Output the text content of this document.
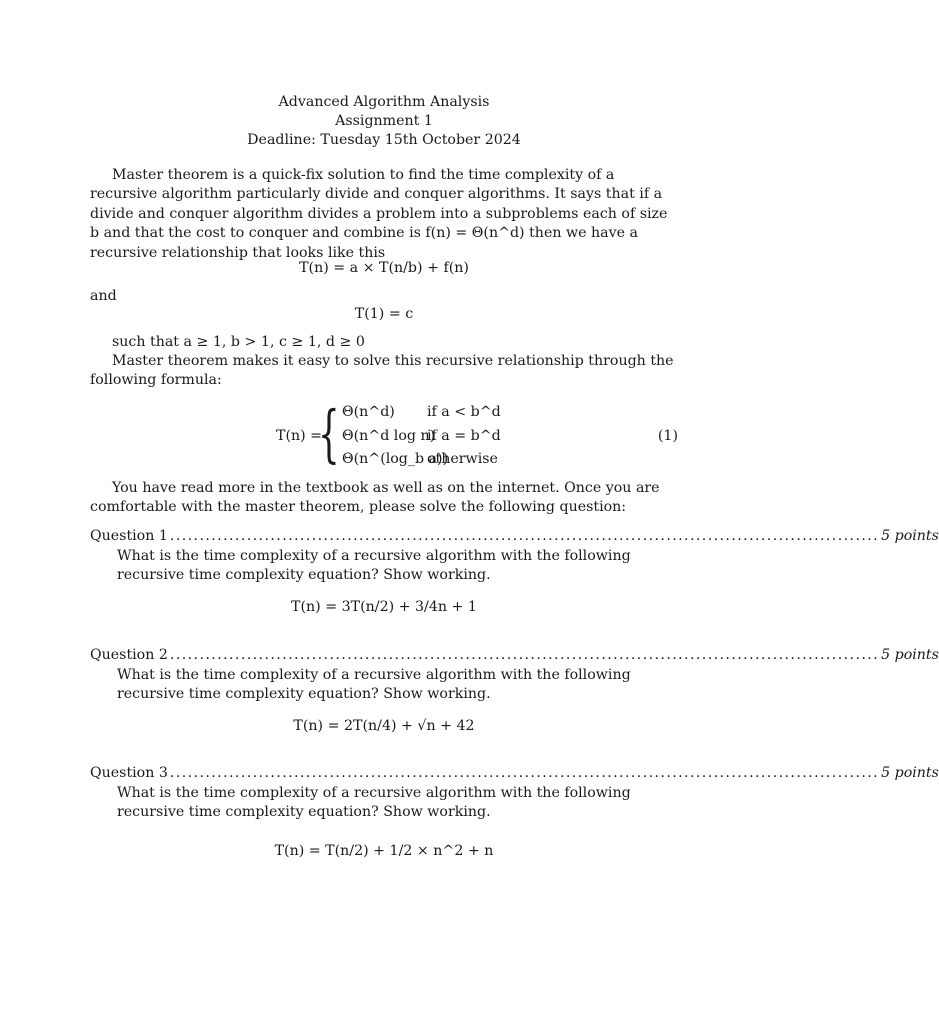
Advanced Algorithm Analysis
Assignment 1
Deadline: Tuesday 15th October 2024
Master theorem is a quick-fix solution to find the time complexity of a recursive algorithm particularly divide and conquer algorithms. It says that if a divide and conquer algorithm divides a problem into a subproblems each of size b and that the cost to conquer and combine is f(n) = Θ(n^d) then we have a recursive relationship that looks like this
T(n) = a × T(n/b) + f(n)
and
T(1) = c
such that a ≥ 1, b > 1, c ≥ 1, d ≥ 0
Master theorem makes it easy to solve this recursive relationship through the following formula:
T(n) =
{ Θ(n^d) if a < b^d
Θ(n^d log n)
if a = b^d
Θ(n^(log_b a))
otherwise
(1)
You have read more in the textbook as well as on the internet. Once you are comfortable with the master theorem, please solve the following question:
Question 1 ........................................................................................................................ 5 points
What is the time complexity of a recursive algorithm with the following recursive time complexity equation? Show working.
T(n) = 3T(n/2) + 3/4n + 1
Question 2 ........................................................................................................................ 5 points
What is the time complexity of a recursive algorithm with the following recursive time complexity equation? Show working.
T(n) = 2T(n/4) + √n + 42
Question 3 ........................................................................................................................ 5 points
What is the time complexity of a recursive algorithm with the following recursive time complexity equation? Show working.
T(n) = T(n/2) + 1/2 × n^2 + n
